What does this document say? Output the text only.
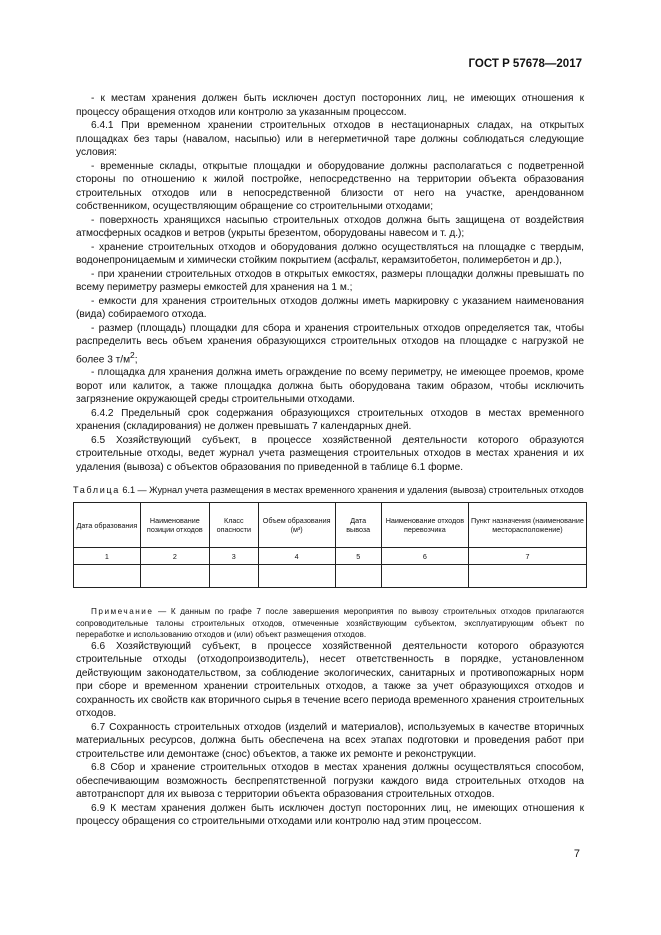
ГОСТ Р 57678—2017

- к местам хранения должен быть исключен доступ посторонних лиц, не имеющих отношения к процессу обращения отходов или контролю за указанным процессом.

6.4.1 При временном хранении строительных отходов в нестационарных сладах, на открытых площадках без тары (навалом, насыпью) или в негерметичной таре должны соблюдаться следующие условия:

- временные склады, открытые площадки и оборудование должны располагаться с подветренной стороны по отношению к жилой постройке, непосредственно на территории объекта образования строительных отходов или в непосредственной близости от него на участке, арендованном собственником, осуществляющим обращение со строительными отходами;

- поверхность хранящихся насыпью строительных отходов должна быть защищена от воздействия атмосферных осадков и ветров (укрыты брезентом, оборудованы навесом и т. д.);

- хранение строительных отходов и оборудования должно осуществляться на площадке с твердым, водонепроницаемым и химически стойким покрытием (асфальт, керамзитобетон, полимербетон и др.),

- при хранении строительных отходов в открытых емкостях, размеры площадки должны превышать по всему периметру размеры емкостей для хранения на 1 м.;

- емкости для хранения строительных отходов должны иметь маркировку с указанием наименования (вида) собираемого отхода.

- размер (площадь) площадки для сбора и хранения строительных отходов определяется так, чтобы распределить весь объем хранения образующихся строительных отходов на площадке с нагрузкой не более 3 $т/м^2$;

- площадка для хранения должна иметь ограждение по всему периметру, не имеющее проемов, кроме ворот или калиток, а также площадка должна быть оборудована таким образом, чтобы исключить загрязнение окружающей среды строительными отходами.

6.4.2 Предельный срок содержания образующихся строительных отходов в местах временного хранения (складирования) не должен превышать 7 календарных дней.

6.5 Хозяйствующий субъект, в процессе хозяйственной деятельности которого образуются строительные отходы, ведет журнал учета размещения строительных отходов в местах хранения и их удаления (вывоза) с объектов образования по приведенной в таблице 6.1 форме.

Таблица 6.1 — Журнал учета размещения в местах временного хранения и удаления (вывоза) строительных отходов
Дата образования	Наименование позиции отходов	Класс опасности	Объем образования (м³)	Дата вывоза	Наименование отходов перевозчика	Пункт назначения (наименование месторасположение)
1	2	3	4	5	6	7

Примечание — К данным по графе 7 после завершения мероприятия по вывозу строительных отходов прилагаются сопроводительные талоны строительных отходов, отмеченные хозяйствующим субъектом, эксплуатирующим объект по переработке и использованию отходов и (или) объект размещения отходов.

6.6 Хозяйствующий субъект, в процессе хозяйственной деятельности которого образуются строительные отходы (отходопроизводитель), несет ответственность в порядке, установленном действующим законодательством, за соблюдение экологических, санитарных и противопожарных норм при сборе и временном хранении строительных отходов, а также за учет образующихся отходов и сохранность их свойств как вторичного сырья в течение всего периода временного хранения строительных отходов.

6.7 Сохранность строительных отходов (изделий и материалов), используемых в качестве вторичных материальных ресурсов, должна быть обеспечена на всех этапах подготовки и проведения работ при строительстве или демонтаже (снос) объектов, а также их ремонте и реконструкции.

6.8 Сбор и хранение строительных отходов в местах хранения должны осуществляться способом, обеспечивающим возможность беспрепятственной погрузки каждого вида строительных отходов на автотранспорт для их вывоза с территории объекта образования строительных отходов.

6.9 К местам хранения должен быть исключен доступ посторонних лиц, не имеющих отношения к процессу обращения со строительными отходами или контролю над этим процессом.

7
